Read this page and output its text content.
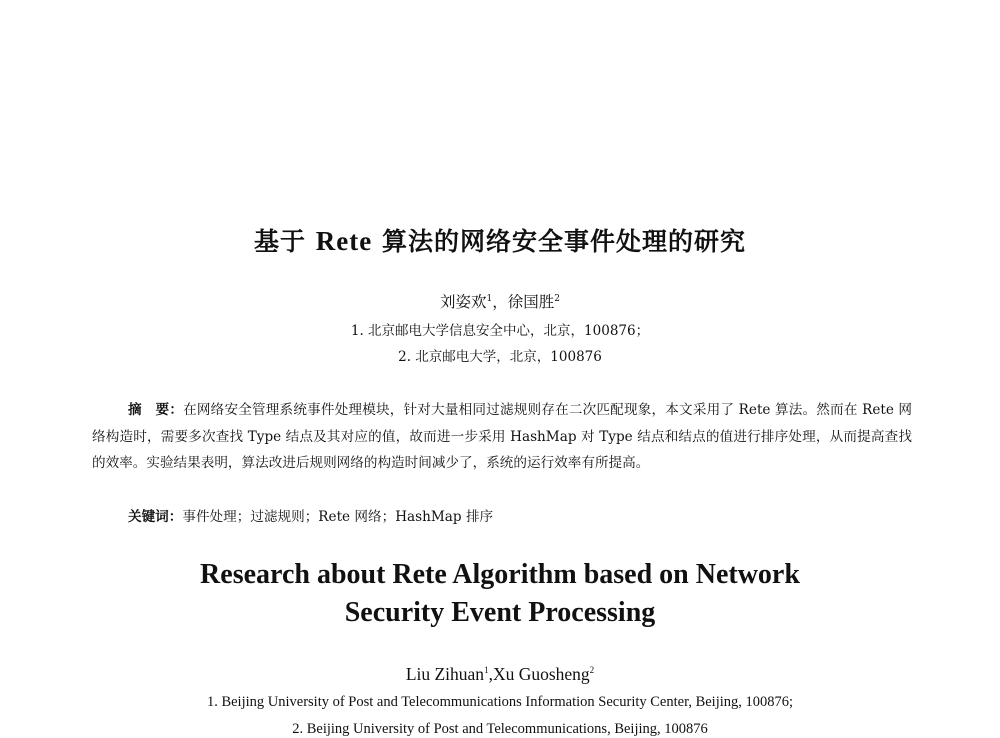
基于 Rete 算法的网络安全事件处理的研究
刘姿欢$^1$，徐国胜$^2$
1. 北京邮电大学信息安全中心，北京，100876；
2. 北京邮电大学，北京，100876
摘　要：在网络安全管理系统事件处理模块，针对大量相同过滤规则存在二次匹配现象，本文采用了 Rete 算法。然而在 Rete 网络构造时，需要多次查找 Type 结点及其对应的值，故而进一步采用 HashMap 对 Type 结点和结点的值进行排序处理，从而提高查找的效率。实验结果表明，算法改进后规则网络的构造时间减少了，系统的运行效率有所提高。
关键词：事件处理；过滤规则；Rete 网络；HashMap 排序
Research about Rete Algorithm based on Network
Security Event Processing
Liu Zihuan$^1$,Xu Guosheng$^2$
1. Beijing University of Post and Telecommunications Information Security Center, Beijing, 100876;
2. Beijing University of Post and Telecommunications, Beijing, 100876
